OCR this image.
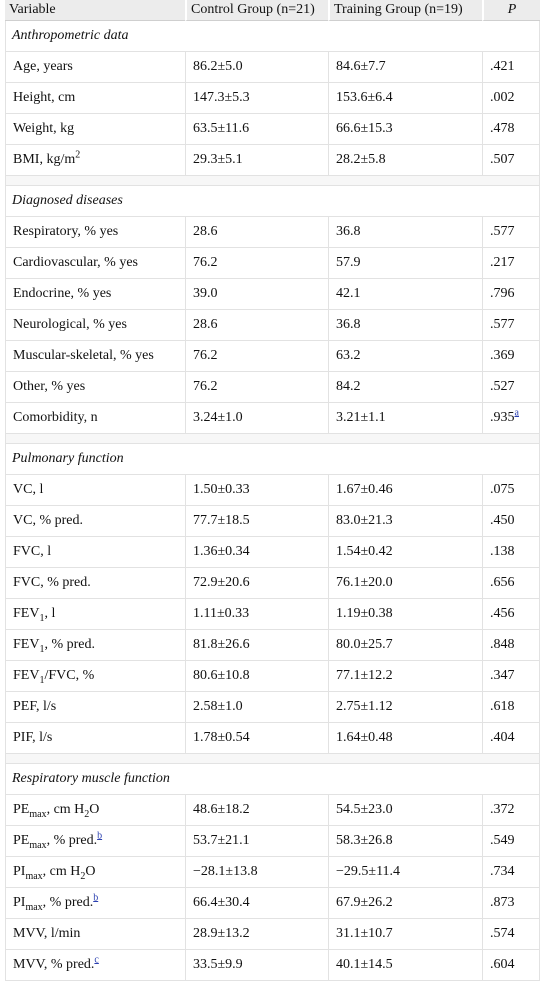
Variable	Control Group (n=21)	Training Group (n=19)	P
Anthropometric data			
Age, years	86.2±5.0	84.6±7.7	.421
Height, cm	147.3±5.3	153.6±6.4	.002
Weight, kg	63.5±11.6	66.6±15.3	.478
BMI, $kg/m^2$	29.3±5.1	28.2±5.8	.507

Diagnosed diseases			
Respiratory, % yes	28.6	36.8	.577
Cardiovascular, % yes	76.2	57.9	.217
Endocrine, % yes	39.0	42.1	.796
Neurological, % yes	28.6	36.8	.577
Muscular-skeletal, % yes	76.2	63.2	.369
Other, % yes	76.2	84.2	.527
Comorbidity, n	3.24±1.0	3.21±1.1	.935$^a$

Pulmonary function			
VC, l	1.50±0.33	1.67±0.46	.075
VC, % pred.	77.7±18.5	83.0±21.3	.450
FVC, l	1.36±0.34	1.54±0.42	.138
FVC, % pred.	72.9±20.6	76.1±20.0	.656
$FEV_1$, l	1.11±0.33	1.19±0.38	.456
$FEV_1$, % pred.	81.8±26.6	80.0±25.7	.848
$FEV_1$/FVC, %	80.6±10.8	77.1±12.2	.347
PEF, l/s	2.58±1.0	2.75±1.12	.618
PIF, l/s	1.78±0.54	1.64±0.48	.404

Respiratory muscle function			
$PE_{max}$, cm $H_2O$	48.6±18.2	54.5±23.0	.372
$PE_{max}$, % pred.$^b$	53.7±21.1	58.3±26.8	.549
$PI_{max}$, cm $H_2O$	−28.1±13.8	−29.5±11.4	.734
$PI_{max}$, % pred.$^b$	66.4±30.4	67.9±26.2	.873
MVV, l/min	28.9±13.2	31.1±10.7	.574
MVV, % pred.$^c$	33.5±9.9	40.1±14.5	.604
